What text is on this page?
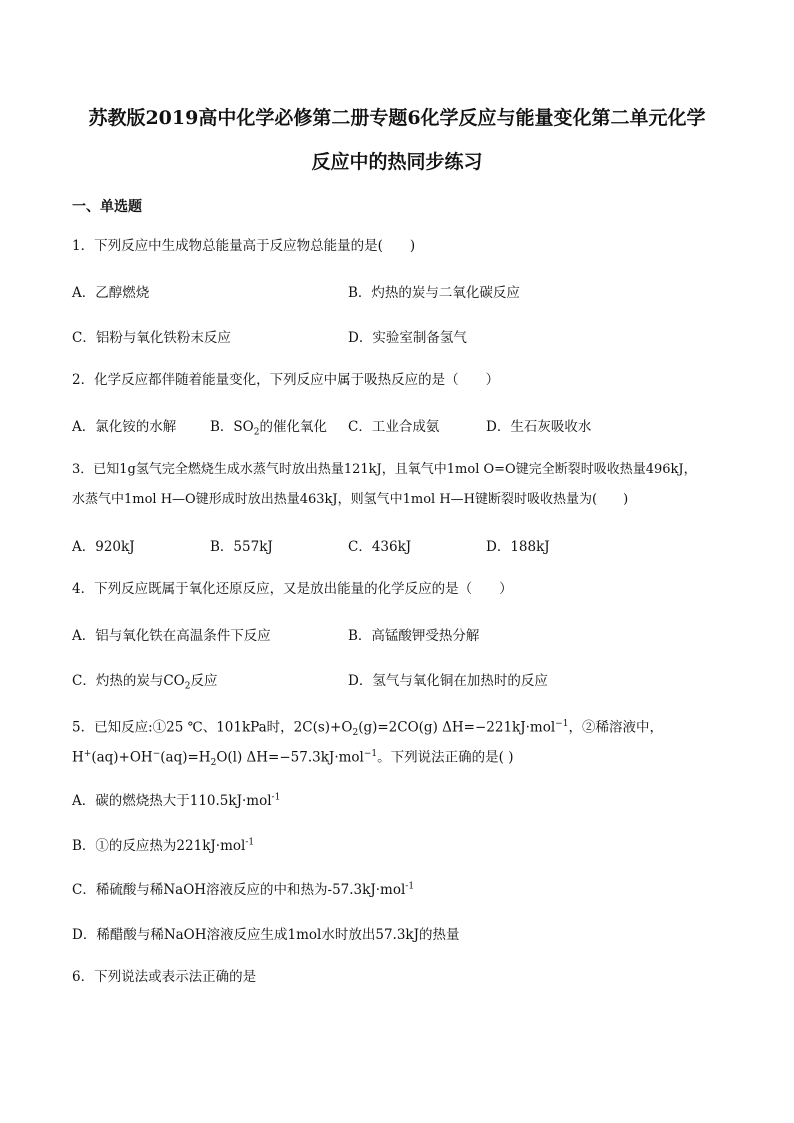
苏教版2019高中化学必修第二册专题6化学反应与能量变化第二单元化学
反应中的热同步练习
一、单选题
1．下列反应中生成物总能量高于反应物总能量的是(　　)
A．乙醇燃烧	B．灼热的炭与二氧化碳反应
C．铝粉与氧化铁粉末反应	D．实验室制备氢气
2．化学反应都伴随着能量变化，下列反应中属于吸热反应的是（　　）
A．氯化铵的水解	B．$SO_2$的催化氧化 C．工业合成氨	D．生石灰吸收水
3．已知1g氢气完全燃烧生成水蒸气时放出热量121kJ，且氧气中1mol O=O键完全断裂时吸收热量496kJ，
水蒸气中1mol H—O键形成时放出热量463kJ，则氢气中1mol H—H键断裂时吸收热量为(　　)
A．920kJ	B．557kJ	C．436kJ	D．188kJ
4．下列反应既属于氧化还原反应，又是放出能量的化学反应的是（　　）
A．铝与氧化铁在高温条件下反应	B．高锰酸钾受热分解
C．灼热的炭与$CO_2$反应	D．氢气与氧化铜在加热时的反应
5．已知反应:①25 ℃、101kPa时，$2C(s)+O_2(g)=2CO(g)$ ΔH=−221kJ·mol$^{-1}$，②稀溶液中，
$H^+(aq)+OH^-(aq)=H_2O(l)$ ΔH=−57.3kJ·mol$^{-1}$。下列说法正确的是( )
A．碳的燃烧热大于110.5kJ·mol$^{-1}$
B．①的反应热为221kJ·mol$^{-1}$
C．稀硫酸与稀NaOH溶液反应的中和热为-57.3kJ·mol$^{-1}$
D．稀醋酸与稀NaOH溶液反应生成1mol水时放出57.3kJ的热量
6．下列说法或表示法正确的是
